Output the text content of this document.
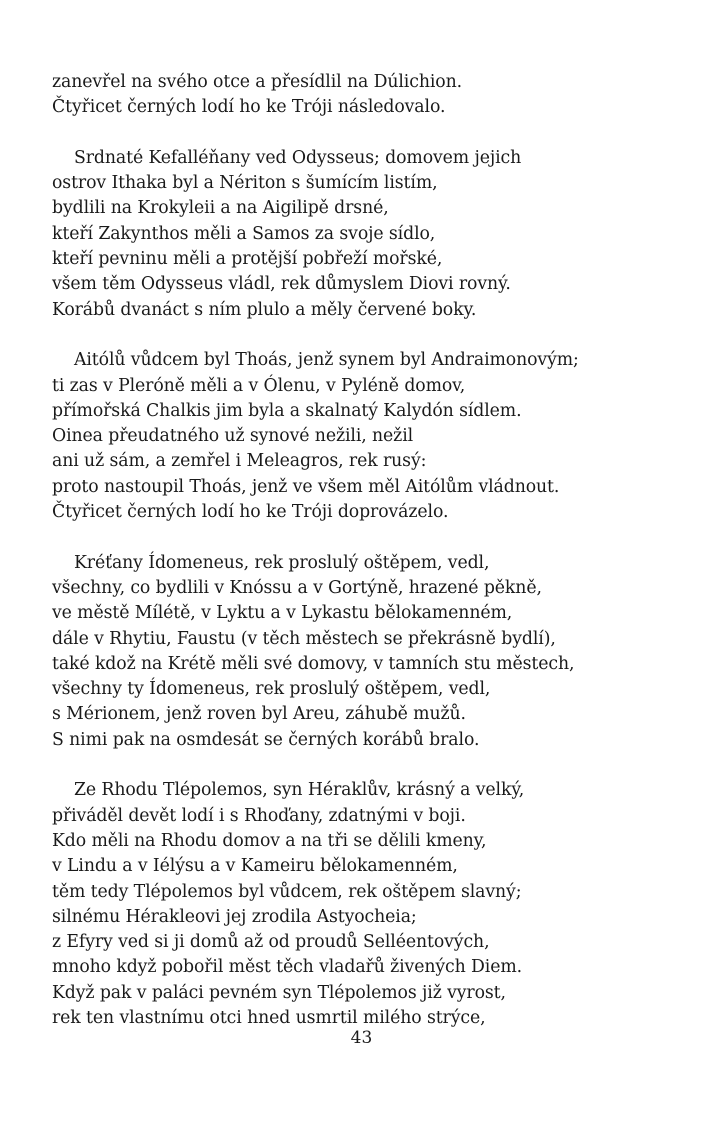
zanevřel na svého otce a přesídlil na Dúlichion.
Čtyřicet černých lodí ho ke Tróji následovalo.
Srdnaté Kefalléňany ved Odysseus; domovem jejich
ostrov Ithaka byl a Nériton s šumícím listím,
bydlili na Krokyleii a na Aigilipě drsné,
kteří Zakynthos měli a Samos za svoje sídlo,
kteří pevninu měli a protější pobřeží mořské,
všem těm Odysseus vládl, rek důmyslem Diovi rovný.
Korábů dvanáct s ním plulo a měly červené boky.
Aitólů vůdcem byl Thoás, jenž synem byl Andraimonovým;
ti zas v Pleróně měli a v Ólenu, v Pyléně domov,
přímořská Chalkis jim byla a skalnatý Kalydón sídlem.
Oinea přeudatného už synové nežili, nežil
ani už sám, a zemřel i Meleagros, rek rusý:
proto nastoupil Thoás, jenž ve všem měl Aitólům vládnout.
Čtyřicet černých lodí ho ke Tróji doprovázelo.
Kréťany Ídomeneus, rek proslulý oštěpem, vedl,
všechny, co bydlili v Knóssu a v Gortýně, hrazené pěkně,
ve městě Mílétě, v Lyktu a v Lykastu bělokamenném,
dále v Rhytiu, Faustu (v těch městech se překrásně bydlí),
také kdož na Krétě měli své domovy, v tamních stu městech,
všechny ty Ídomeneus, rek proslulý oštěpem, vedl,
s Mérionem, jenž roven byl Areu, záhubě mužů.
S nimi pak na osmdesát se černých korábů bralo.
Ze Rhodu Tlépolemos, syn Héraklův, krásný a velký,
přiváděl devět lodí i s Rhoďany, zdatnými v boji.
Kdo měli na Rhodu domov a na tři se dělili kmeny,
v Lindu a v Iélýsu a v Kameiru bělokamenném,
těm tedy Tlépolemos byl vůdcem, rek oštěpem slavný;
silnému Hérakleovi jej zrodila Astyocheia;
z Efyry ved si ji domů až od proudů Selléentových,
mnoho když pobořil měst těch vladařů živených Diem.
Když pak v paláci pevném syn Tlépolemos již vyrost,
rek ten vlastnímu otci hned usmrtil milého strýce,
43
